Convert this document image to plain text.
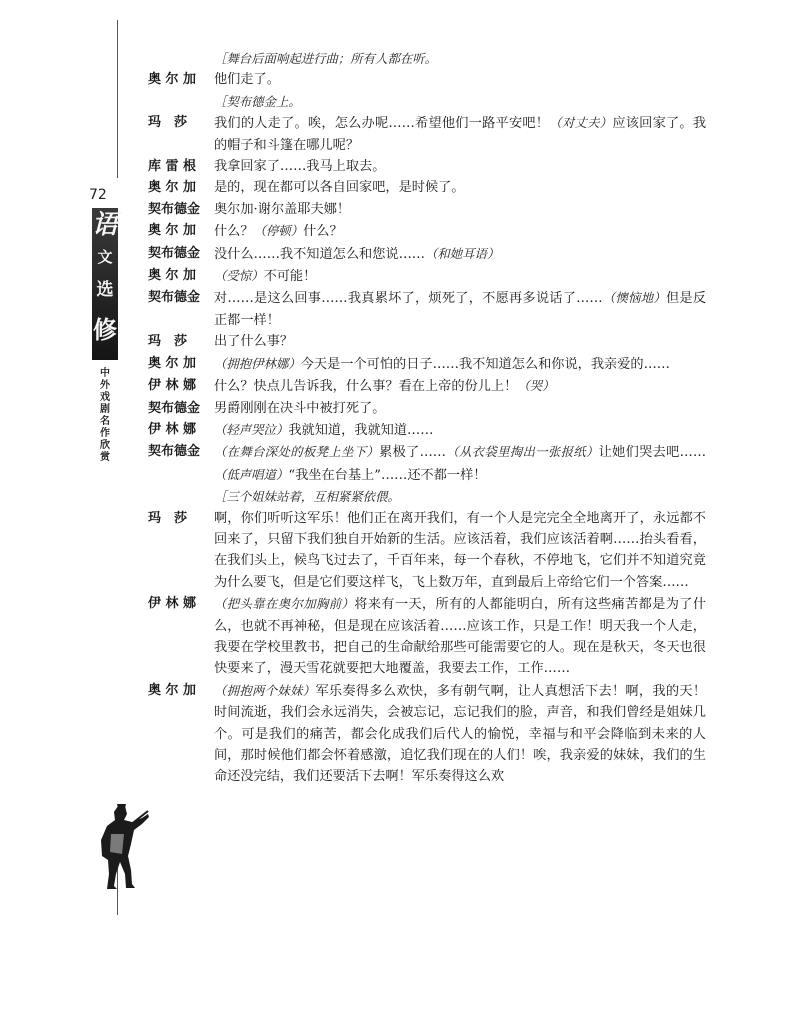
72
语
文
选
修
中外戏剧名作欣赏
［舞台后面响起进行曲；所有人都在听。
奥 尔 加	他们走了。
［契布德金上。
玛　莎	我们的人走了。唉，怎么办呢……希望他们一路平安吧！（对丈夫）应该回家了。我的帽子和斗篷在哪儿呢？
库 雷 根	我拿回家了……我马上取去。
奥 尔 加	是的，现在都可以各自回家吧，是时候了。
契布德金	奥尔加·谢尔盖耶夫娜！
奥 尔 加	什么？（停顿）什么？
契布德金	没什么……我不知道怎么和您说……（和她耳语）
奥 尔 加	（受惊）不可能！
契布德金	对……是这么回事……我真累坏了，烦死了，不愿再多说话了……（懊恼地）但是反正都一样！
玛　莎	出了什么事？
奥 尔 加	（拥抱伊林娜）今天是一个可怕的日子……我不知道怎么和你说，我亲爱的……
伊 林 娜	什么？快点儿告诉我，什么事？看在上帝的份儿上！（哭）
契布德金	男爵刚刚在决斗中被打死了。
伊 林 娜	（轻声哭泣）我就知道，我就知道……
契布德金	（在舞台深处的板凳上坐下）累极了……（从衣袋里掏出一张报纸）让她们哭去吧……（低声唱道）“我坐在台基上”……还不都一样！
［三个姐妹站着，互相紧紧依偎。
玛　莎	啊，你们听听这军乐！他们正在离开我们，有一个人是完完全全地离开了，永远都不回来了，只留下我们独自开始新的生活。应该活着，我们应该活着啊……抬头看看，在我们头上，候鸟飞过去了，千百年来，每一个春秋，不停地飞，它们并不知道究竟为什么要飞，但是它们要这样飞，飞上数万年，直到最后上帝给它们一个答案……
伊 林 娜	（把头靠在奥尔加胸前）将来有一天，所有的人都能明白，所有这些痛苦都是为了什么，也就不再神秘，但是现在应该活着……应该工作，只是工作！明天我一个人走，我要在学校里教书，把自己的生命献给那些可能需要它的人。现在是秋天，冬天也很快要来了，漫天雪花就要把大地覆盖，我要去工作，工作……
奥 尔 加	（拥抱两个妹妹）军乐奏得多么欢快，多有朝气啊，让人真想活下去！啊，我的天！时间流逝，我们会永远消失，会被忘记，忘记我们的脸，声音，和我们曾经是姐妹几个。可是我们的痛苦，都会化成我们后代人的愉悦，幸福与和平会降临到未来的人间，那时候他们都会怀着感激，追忆我们现在的人们！唉，我亲爱的妹妹，我们的生命还没完结，我们还要活下去啊！军乐奏得这么欢
